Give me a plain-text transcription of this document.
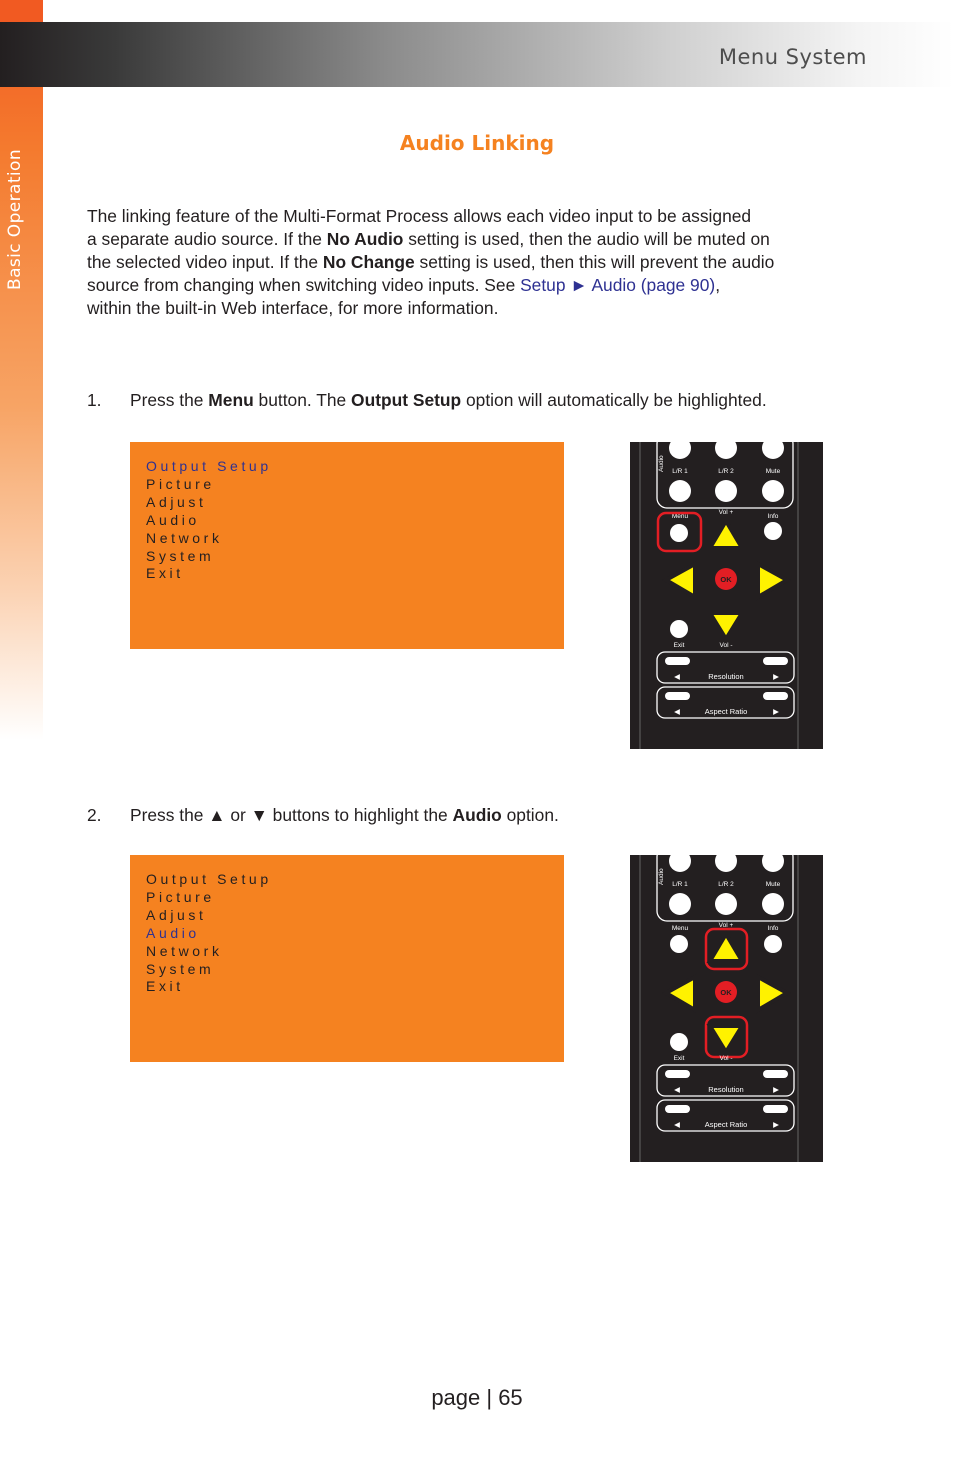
Menu System
Basic Operation
Audio Linking
The linking feature of the Multi-Format Process allows each video input to be assigned
a separate audio source. If the No Audio setting is used, then the audio will be muted on
the selected video input. If the No Change setting is used, then this will prevent the audio
source from changing when switching video inputs. See Setup ► Audio (page 90),
within the built-in Web interface, for more information.
1. Press the Menu button. The Output Setup option will automatically be highlighted.
Output Setup
Picture
Adjust
Audio
Network
System
Exit
Audio L/R 1	L/R 2	Mute
Menu
Vol +
Info
OK
Exit	Vol -
◀	▶
Resolution
◀	▶
Aspect Ratio
2. Press the ▲ or ▼ buttons to highlight the Audio option.
Output Setup
Picture
Adjust
Audio
Network
System
Exit
Audio L/R 1	L/R 2	Mute
Menu	Vol +	Info
OK
Exit	Vol -
◀	▶
Resolution
◀	▶
Aspect Ratio
page | 65
